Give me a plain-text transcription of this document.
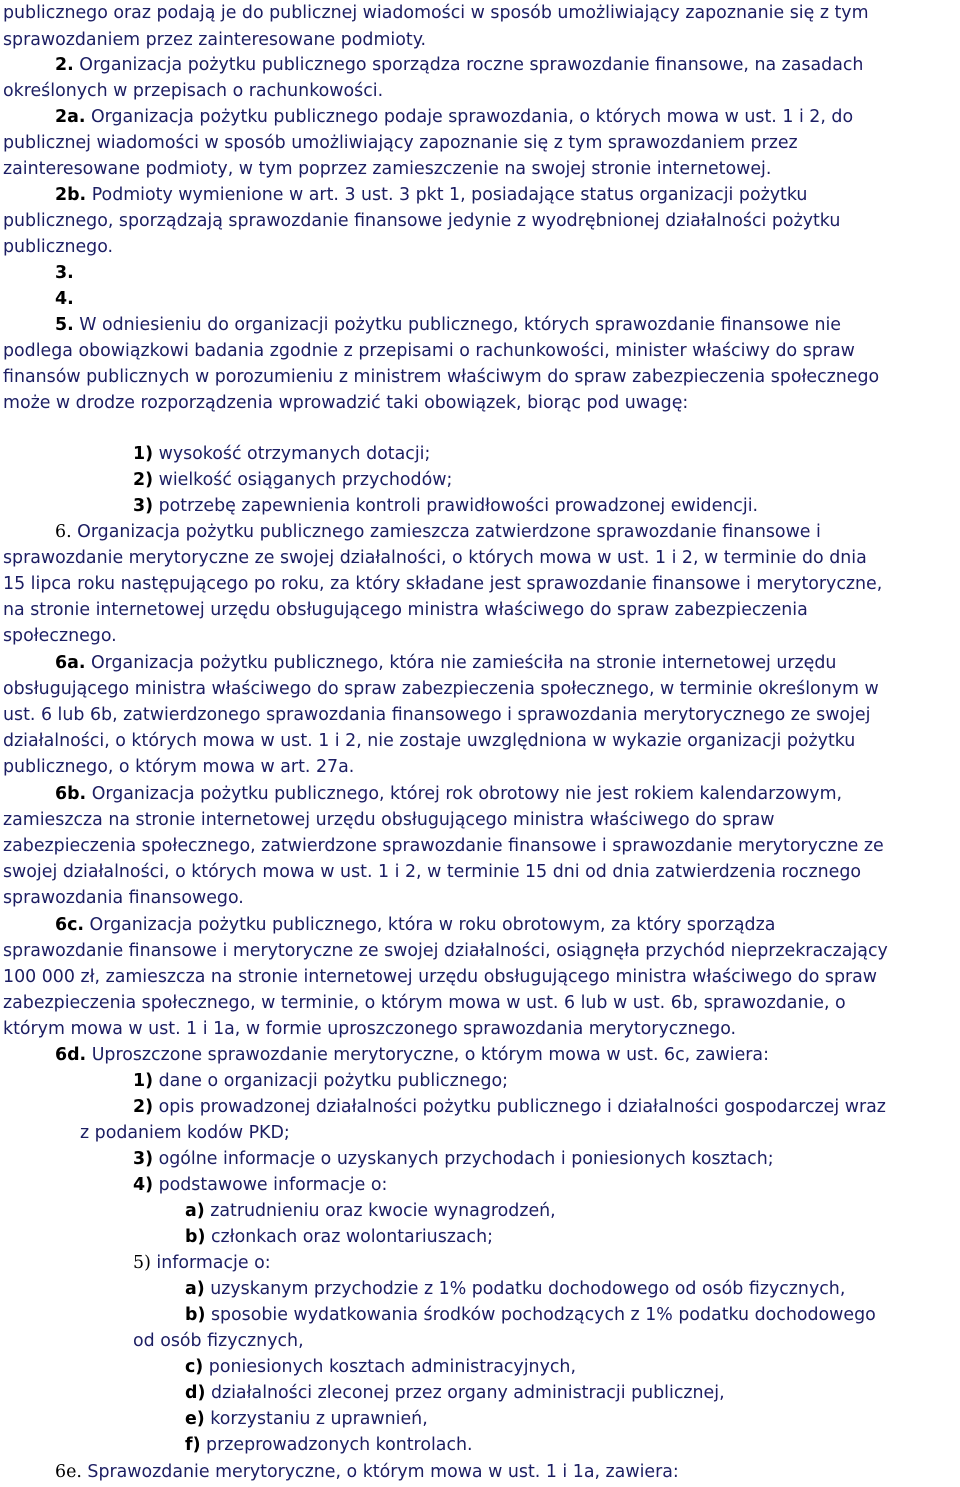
publicznego oraz podają je do publicznej wiadomości w sposób umożliwiający zapoznanie się z tym
sprawozdaniem przez zainteresowane podmioty.
2. Organizacja pożytku publicznego sporządza roczne sprawozdanie finansowe, na zasadach
określonych w przepisach o rachunkowości.
2a. Organizacja pożytku publicznego podaje sprawozdania, o których mowa w ust. 1 i 2, do
publicznej wiadomości w sposób umożliwiający zapoznanie się z tym sprawozdaniem przez
zainteresowane podmioty, w tym poprzez zamieszczenie na swojej stronie internetowej.
2b. Podmioty wymienione w art. 3 ust. 3 pkt 1, posiadające status organizacji pożytku
publicznego, sporządzają sprawozdanie finansowe jedynie z wyodrębnionej działalności pożytku
publicznego.
3.
4.
5. W odniesieniu do organizacji pożytku publicznego, których sprawozdanie finansowe nie
podlega obowiązkowi badania zgodnie z przepisami o rachunkowości, minister właściwy do spraw
finansów publicznych w porozumieniu z ministrem właściwym do spraw zabezpieczenia społecznego
może w drodze rozporządzenia wprowadzić taki obowiązek, biorąc pod uwagę:
1) wysokość otrzymanych dotacji;
2) wielkość osiąganych przychodów;
3) potrzebę zapewnienia kontroli prawidłowości prowadzonej ewidencji.
6. Organizacja pożytku publicznego zamieszcza zatwierdzone sprawozdanie finansowe i
sprawozdanie merytoryczne ze swojej działalności, o których mowa w ust. 1 i 2, w terminie do dnia
15 lipca roku następującego po roku, za który składane jest sprawozdanie finansowe i merytoryczne,
na stronie internetowej urzędu obsługującego ministra właściwego do spraw zabezpieczenia
społecznego.
6a. Organizacja pożytku publicznego, która nie zamieściła na stronie internetowej urzędu
obsługującego ministra właściwego do spraw zabezpieczenia społecznego, w terminie określonym w
ust. 6 lub 6b, zatwierdzonego sprawozdania finansowego i sprawozdania merytorycznego ze swojej
działalności, o których mowa w ust. 1 i 2, nie zostaje uwzględniona w wykazie organizacji pożytku
publicznego, o którym mowa w art. 27a.
6b. Organizacja pożytku publicznego, której rok obrotowy nie jest rokiem kalendarzowym,
zamieszcza na stronie internetowej urzędu obsługującego ministra właściwego do spraw
zabezpieczenia społecznego, zatwierdzone sprawozdanie finansowe i sprawozdanie merytoryczne ze
swojej działalności, o których mowa w ust. 1 i 2, w terminie 15 dni od dnia zatwierdzenia rocznego
sprawozdania finansowego.
6c. Organizacja pożytku publicznego, która w roku obrotowym, za który sporządza
sprawozdanie finansowe i merytoryczne ze swojej działalności, osiągnęła przychód nieprzekraczający
100 000 zł, zamieszcza na stronie internetowej urzędu obsługującego ministra właściwego do spraw
zabezpieczenia społecznego, w terminie, o którym mowa w ust. 6 lub w ust. 6b, sprawozdanie, o
którym mowa w ust. 1 i 1a, w formie uproszczonego sprawozdania merytorycznego.
6d. Uproszczone sprawozdanie merytoryczne, o którym mowa w ust. 6c, zawiera:
1) dane o organizacji pożytku publicznego;
2) opis prowadzonej działalności pożytku publicznego i działalności gospodarczej wraz
z podaniem kodów PKD;
3) ogólne informacje o uzyskanych przychodach i poniesionych kosztach;
4) podstawowe informacje o:
a) zatrudnieniu oraz kwocie wynagrodzeń,
b) członkach oraz wolontariuszach;
5) informacje o:
a) uzyskanym przychodzie z 1% podatku dochodowego od osób fizycznych,
b) sposobie wydatkowania środków pochodzących z 1% podatku dochodowego
od osób fizycznych,
c) poniesionych kosztach administracyjnych,
d) działalności zleconej przez organy administracji publicznej,
e) korzystaniu z uprawnień,
f) przeprowadzonych kontrolach.
6e. Sprawozdanie merytoryczne, o którym mowa w ust. 1 i 1a, zawiera:
